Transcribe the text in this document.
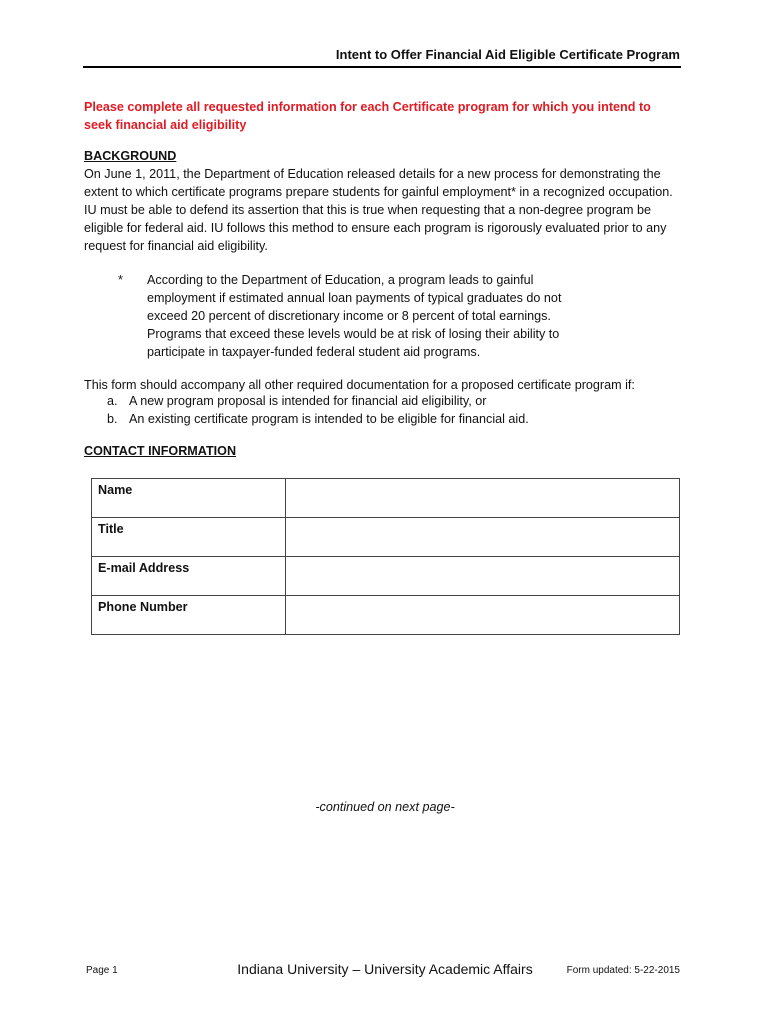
Intent to Offer Financial Aid Eligible Certificate Program
Please complete all requested information for each Certificate program for which you intend to seek financial aid eligibility
BACKGROUND

On June 1, 2011, the Department of Education released details for a new process for demonstrating the extent to which certificate programs prepare students for gainful employment* in a recognized occupation. IU must be able to defend its assertion that this is true when requesting that a non-degree program be eligible for federal aid. IU follows this method to ensure each program is rigorously evaluated prior to any request for financial aid eligibility.

* According to the Department of Education, a program leads to gainful employment if estimated annual loan payments of typical graduates do not exceed 20 percent of discretionary income or 8 percent of total earnings. Programs that exceed these levels would be at risk of losing their ability to participate in taxpayer-funded federal student aid programs.
This form should accompany all other required documentation for a proposed certificate program if:
a. A new program proposal is intended for financial aid eligibility, or
b. An existing certificate program is intended to be eligible for financial aid.
CONTACT INFORMATION
Name	
Title	
E-mail Address	
Phone Number	
-continued on next page-
Page 1	Indiana University – University Academic Affairs	Form updated: 5-22-2015
